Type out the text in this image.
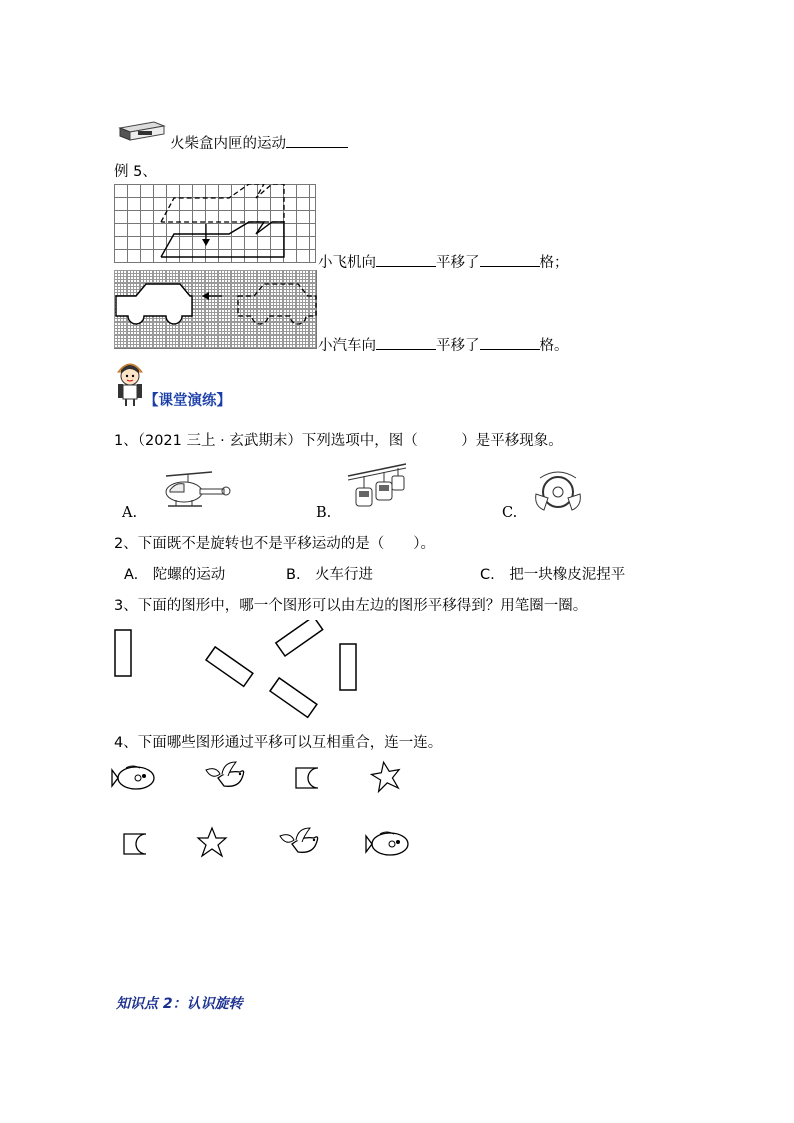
火柴盒内匣的运动
例 5、
小飞机向	平移了	格；
小汽车向	平移了	格。
【课堂演练】
1、（2021 三上 · 玄武期末）下列选项中，图（　　　）是平移现象。
A.	B.	C.
2、下面既不是旋转也不是平移运动的是（　　）。
A.　陀螺的运动	B.　火车行进	C.　把一块橡皮泥捏平
3、下面的图形中，哪一个图形可以由左边的图形平移得到？用笔圈一圈。
4、下面哪些图形通过平移可以互相重合，连一连。
知识点 2：认识旋转
